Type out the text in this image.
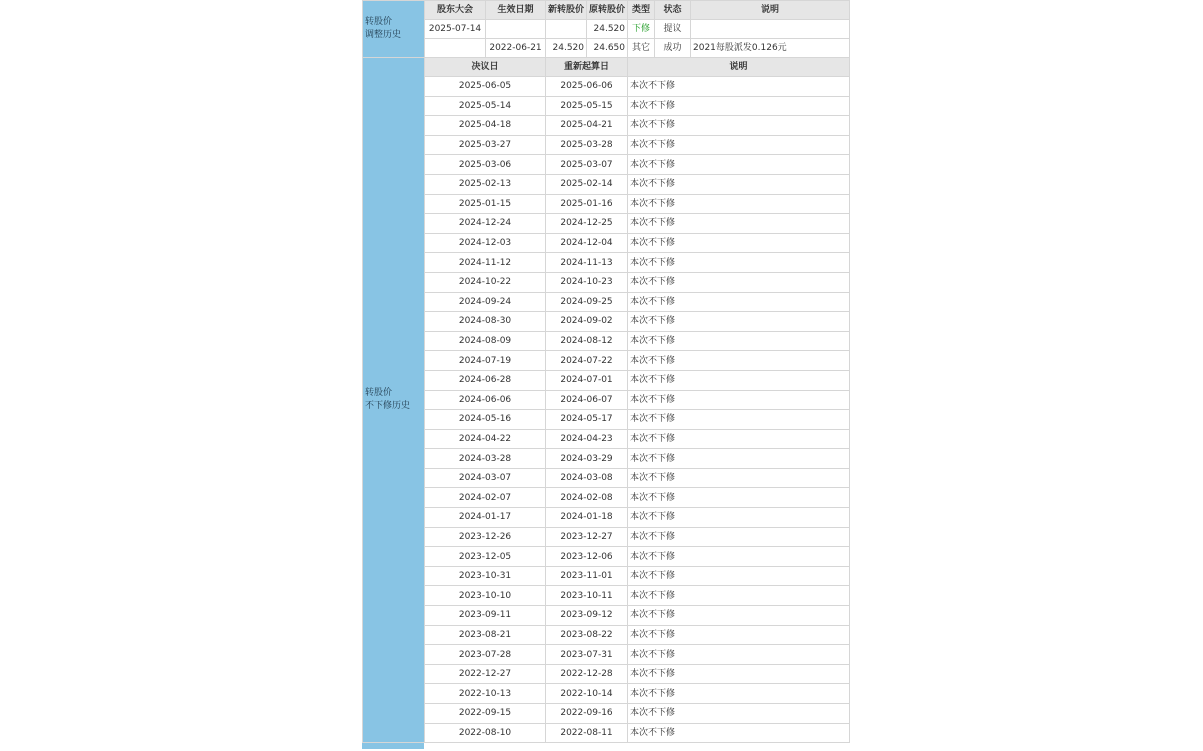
转股价
调整历史	股东大会	生效日期	新转股价	原转股价	类型	状态	说明
	2025-07-14			24.520	下修	提议	
		2022-06-21	24.520	24.650	其它	成功	2021每股派发0.126元
转股价
不下修历史	决议日	重新起算日	说明
	2025-06-05	2025-06-06	本次不下修
	2025-05-14	2025-05-15	本次不下修
	2025-04-18	2025-04-21	本次不下修
	2025-03-27	2025-03-28	本次不下修
	2025-03-06	2025-03-07	本次不下修
	2025-02-13	2025-02-14	本次不下修
	2025-01-15	2025-01-16	本次不下修
	2024-12-24	2024-12-25	本次不下修
	2024-12-03	2024-12-04	本次不下修
	2024-11-12	2024-11-13	本次不下修
	2024-10-22	2024-10-23	本次不下修
	2024-09-24	2024-09-25	本次不下修
	2024-08-30	2024-09-02	本次不下修
	2024-08-09	2024-08-12	本次不下修
	2024-07-19	2024-07-22	本次不下修
	2024-06-28	2024-07-01	本次不下修
	2024-06-06	2024-06-07	本次不下修
	2024-05-16	2024-05-17	本次不下修
	2024-04-22	2024-04-23	本次不下修
	2024-03-28	2024-03-29	本次不下修
	2024-03-07	2024-03-08	本次不下修
	2024-02-07	2024-02-08	本次不下修
	2024-01-17	2024-01-18	本次不下修
	2023-12-26	2023-12-27	本次不下修
	2023-12-05	2023-12-06	本次不下修
	2023-10-31	2023-11-01	本次不下修
	2023-10-10	2023-10-11	本次不下修
	2023-09-11	2023-09-12	本次不下修
	2023-08-21	2023-08-22	本次不下修
	2023-07-28	2023-07-31	本次不下修
	2022-12-27	2022-12-28	本次不下修
	2022-10-13	2022-10-14	本次不下修
	2022-09-15	2022-09-16	本次不下修
	2022-08-10	2022-08-11	本次不下修
